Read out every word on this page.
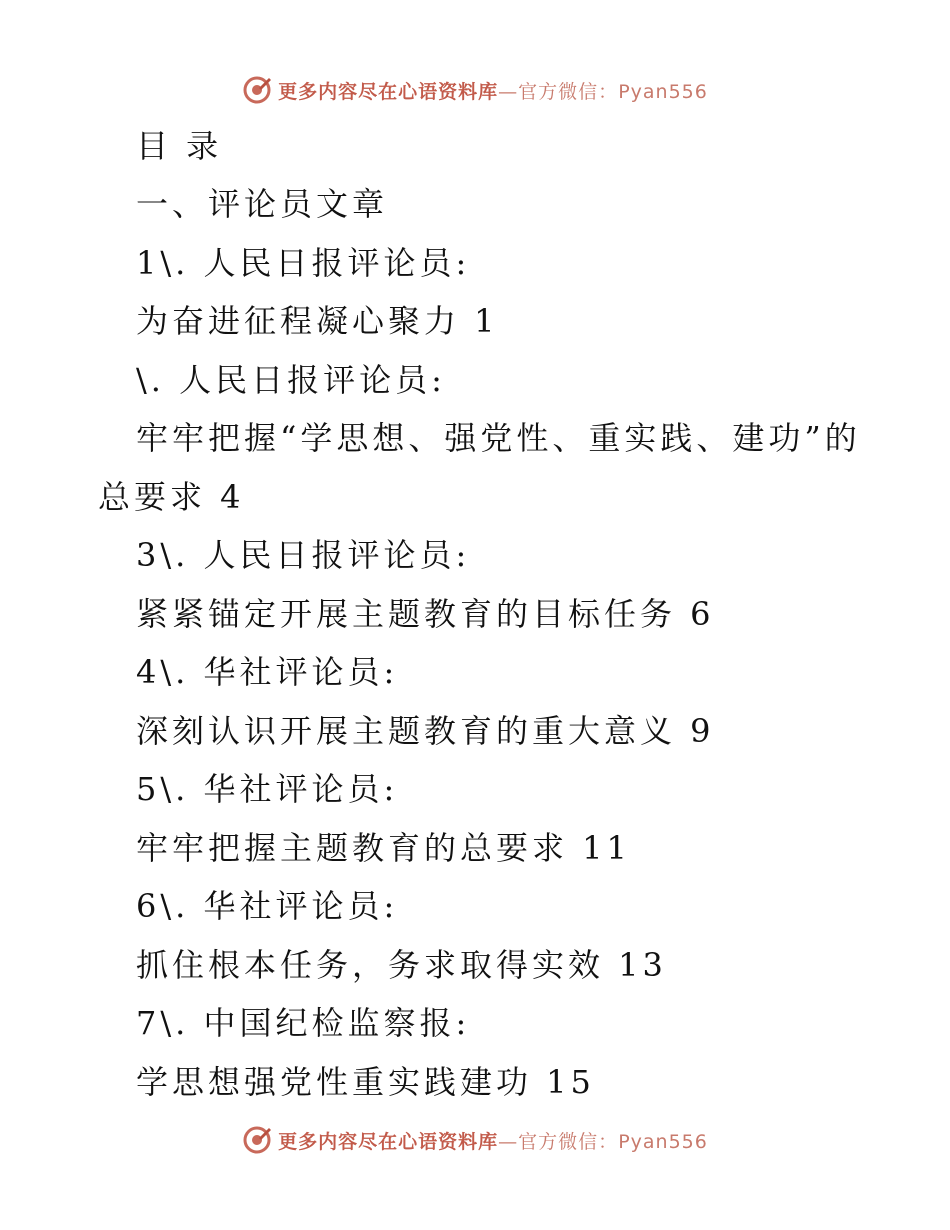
更多内容尽在心语资料库—官方微信：Pyan556
目 录
一、评论员文章
1\. 人民日报评论员:
为奋进征程凝心聚力 1
\. 人民日报评论员:
牢牢把握“学思想、强党性、重实践、建功”的
总要求 4
3\. 人民日报评论员:
紧紧锚定开展主题教育的目标任务 6
4\. 华社评论员:
深刻认识开展主题教育的重大意义 9
5\. 华社评论员:
牢牢把握主题教育的总要求 11
6\. 华社评论员:
抓住根本任务，务求取得实效 13
7\. 中国纪检监察报:
学思想强党性重实践建功 15
更多内容尽在心语资料库—官方微信：Pyan556
